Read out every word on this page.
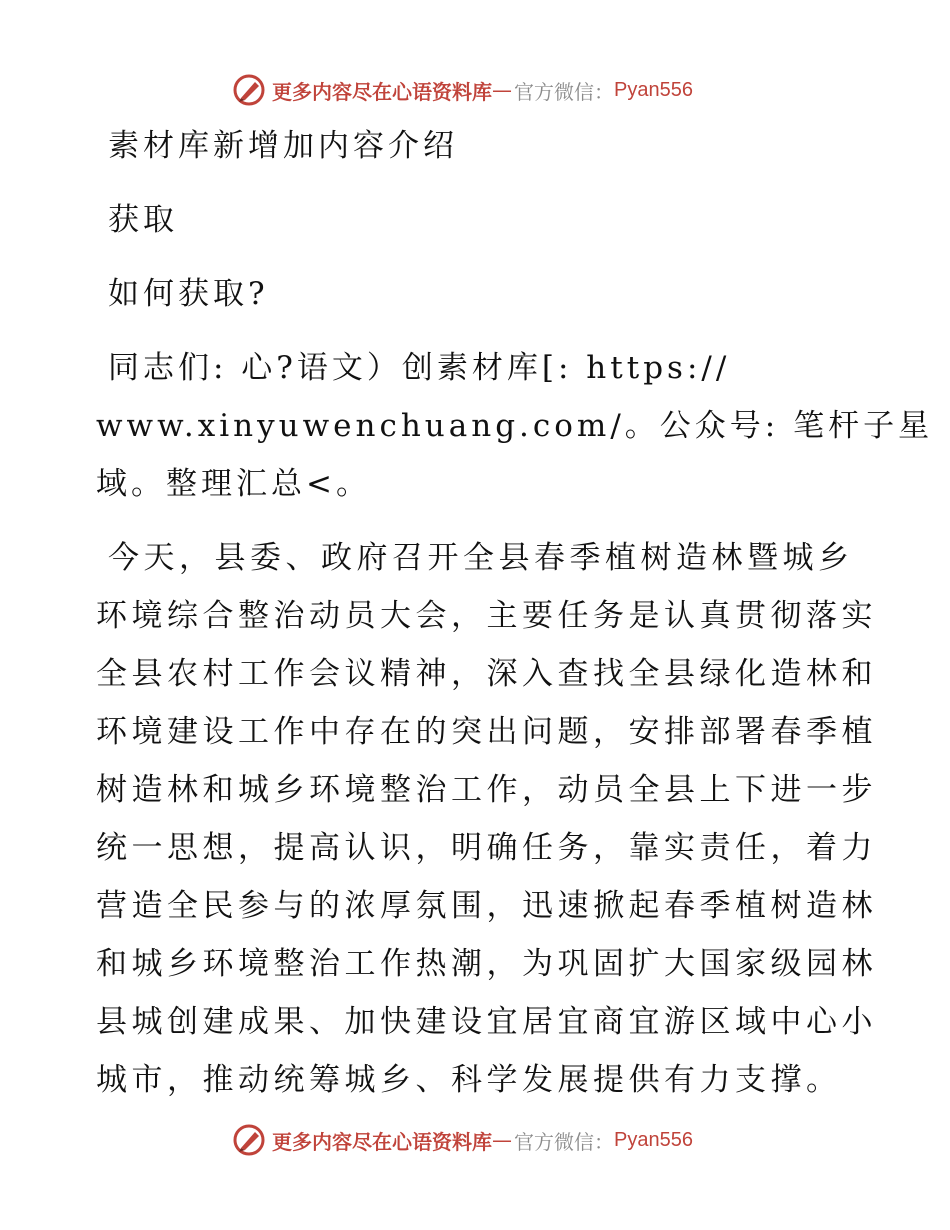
更多内容尽在心语资料库 — 官方微信： Pyan556
素材库新增加内容介绍
获取
如何获取?
同志们: 心?语文）创素材库[: https://
www.xinyuwenchuang.com/。公众号: 笔杆子星
域。整理汇总<。
今天，县委、政府召开全县春季植树造林暨城乡
环境综合整治动员大会，主要任务是认真贯彻落实
全县农村工作会议精神，深入查找全县绿化造林和
环境建设工作中存在的突出问题，安排部署春季植
树造林和城乡环境整治工作，动员全县上下进一步
统一思想，提高认识，明确任务，靠实责任，着力
营造全民参与的浓厚氛围，迅速掀起春季植树造林
和城乡环境整治工作热潮，为巩固扩大国家级园林
县城创建成果、加快建设宜居宜商宜游区域中心小
城市，推动统筹城乡、科学发展提供有力支撑。
更多内容尽在心语资料库 — 官方微信： Pyan556
